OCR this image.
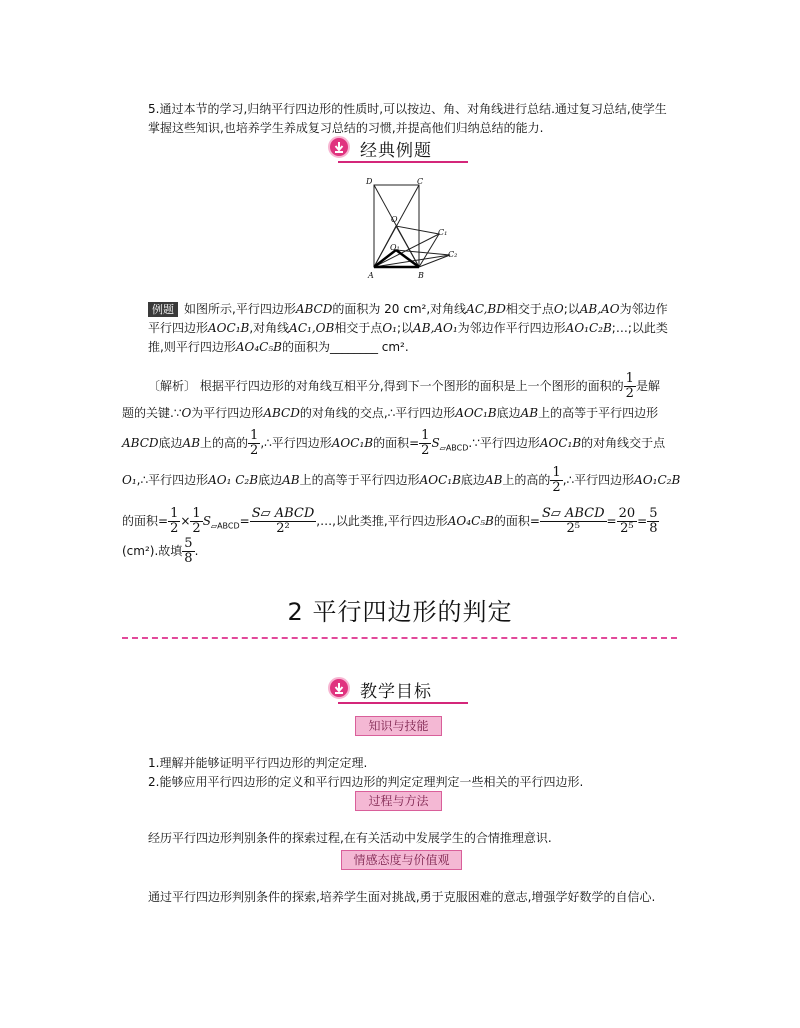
5.通过本节的学习,归纳平行四边形的性质时,可以按边、角、对角线进行总结.通过复习总结,使学生掌握这些知识,也培养学生养成复习总结的习惯,并提高他们归纳总结的能力.
经典例题
D	C
O
C₁
O₁
C₂
A	B
例题 如图所示,平行四边形ABCD的面积为 20 cm²,对角线AC,BD相交于点O;以AB,AO为邻边作平行四边形AOC₁B,对角线AC₁,OB相交于点O₁;以AB,AO₁为邻边作平行四边形AO₁C₂B;…;以此类推,则平行四边形AO₄C₅B的面积为________ cm².
〔解析〕 根据平行四边形的对角线互相平分,得到下一个图形的面积是上一个图形的面积的 $\frac{1}{2}$ 是解
题的关键.∵O为平行四边形ABCD的对角线的交点,∴平行四边形AOC₁B底边AB上的高等于平行四边形
ABCD底边AB上的高的 $\frac{1}{2}$ ,∴平行四边形AOC₁B的面积= $\frac{1}{2}$ $S_{▱ABCD}.\because$平行四边形AOC₁B的对角线交于点
O₁,∴平行四边形AO₁ C₂B底边AB上的高等于平行四边形AOC₁B底边AB上的高的 $\frac{1}{2}$ ,∴平行四边形AO₁C₂B
的面积= $\frac{1}{2} \times \frac{1}{2} S_{▱ABCD}= \frac{\text{S▱ ABCD}}{\text{2²}}$ ,…,以此类推,平行四边形AO₄C₅B的面积= $\frac{\text{S▱ ABCD}}{\text{2⁵}} = \frac{20}{\text{2⁵}} = \frac{5}{8}$
(cm²).故填 $\frac{5}{8}$ .
2 平行四边形的判定
教学目标
知识与技能
1.理解并能够证明平行四边形的判定定理.
2.能够应用平行四边形的定义和平行四边形的判定定理判定一些相关的平行四边形.
过程与方法
经历平行四边形判别条件的探索过程,在有关活动中发展学生的合情推理意识.
情感态度与价值观
通过平行四边形判别条件的探索,培养学生面对挑战,勇于克服困难的意志,增强学好数学的自信心.
